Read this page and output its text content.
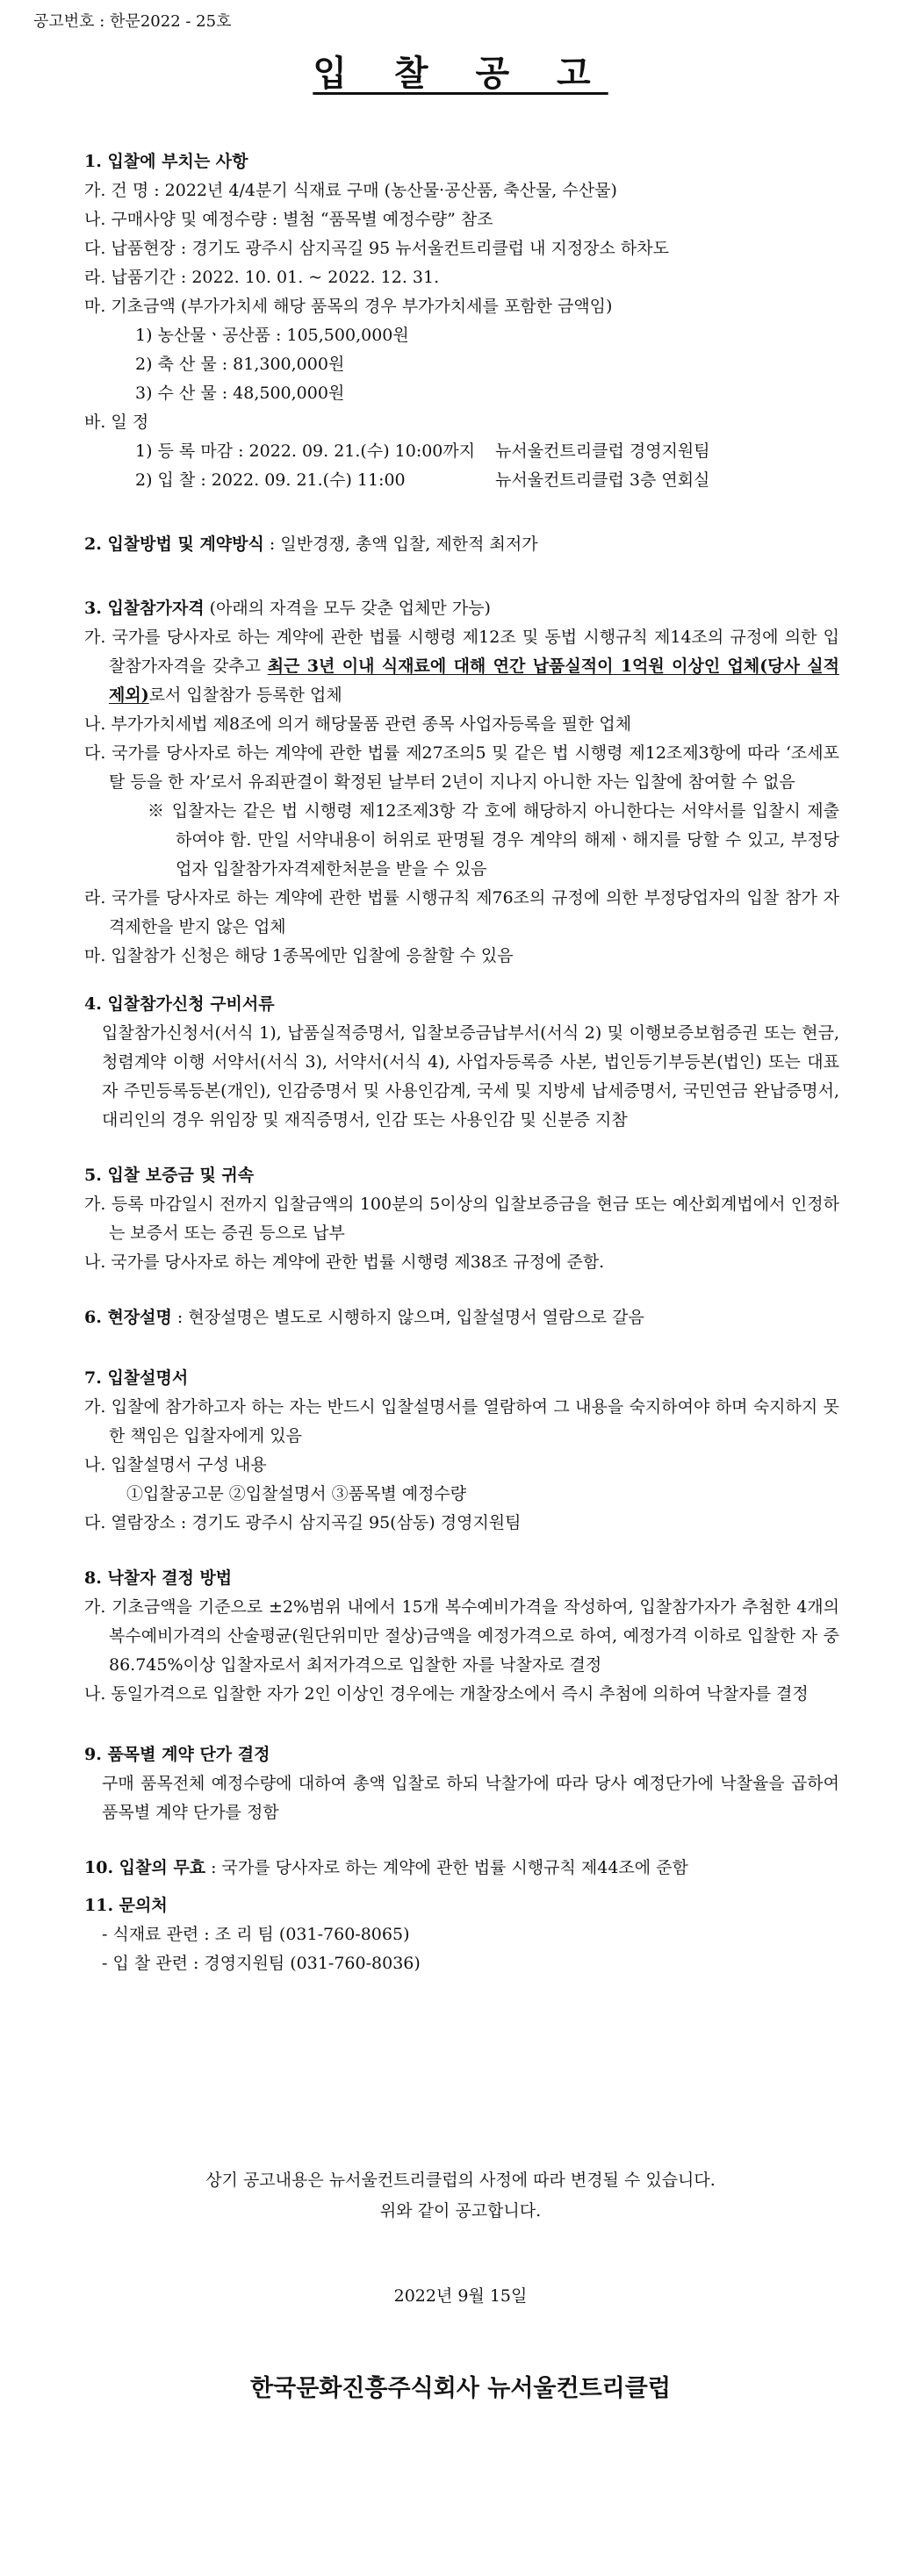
공고번호 : 한문2022 - 25호
입 찰 공 고
1. 입찰에 부치는 사항
가. 건 명 : 2022년 4/4분기 식재료 구매 (농산물·공산품, 축산물, 수산물)
나. 구매사양 및 예정수량 : 별첨 “품목별 예정수량” 참조
다. 납품현장 : 경기도 광주시 삼지곡길 95 뉴서울컨트리클럽 내 지정장소 하차도
라. 납품기간 : 2022. 10. 01. ~ 2022. 12. 31.
마. 기초금액 (부가가치세 해당 품목의 경우 부가가치세를 포함한 금액임)
1) 농산물ㆍ공산품 : 105,500,000원
2) 축 산 물 : 81,300,000원
3) 수 산 물 : 48,500,000원
바. 일 정
1) 등 록 마감 : 2022. 09. 21.(수) 10:00까지	뉴서울컨트리클럽 경영지원팀
2) 입 찰 : 2022. 09. 21.(수) 11:00	뉴서울컨트리클럽 3층 연회실
2. 입찰방법 및 계약방식 : 일반경쟁, 총액 입찰, 제한적 최저가
3. 입찰참가자격 (아래의 자격을 모두 갖춘 업체만 가능)
가. 국가를 당사자로 하는 계약에 관한 법률 시행령 제12조 및 동법 시행규칙 제14조의 규정에 의한 입찰참가자격을 갖추고 최근 3년 이내 식재료에 대해 연간 납품실적이 1억원 이상인 업체(당사 실적 제외)로서 입찰참가 등록한 업체
나. 부가가치세법 제8조에 의거 해당물품 관련 종목 사업자등록을 필한 업체
다. 국가를 당사자로 하는 계약에 관한 법률 제27조의5 및 같은 법 시행령 제12조제3항에 따라 ‘조세포탈 등을 한 자’로서 유죄판결이 확정된 날부터 2년이 지나지 아니한 자는 입찰에 참여할 수 없음
※ 입찰자는 같은 법 시행령 제12조제3항 각 호에 해당하지 아니한다는 서약서를 입찰시 제출하여야 함. 만일 서약내용이 허위로 판명될 경우 계약의 해제ㆍ해지를 당할 수 있고, 부정당업자 입찰참가자격제한처분을 받을 수 있음
라. 국가를 당사자로 하는 계약에 관한 법률 시행규칙 제76조의 규정에 의한 부정당업자의 입찰 참가 자격제한을 받지 않은 업체
마. 입찰참가 신청은 해당 1종목에만 입찰에 응찰할 수 있음
4. 입찰참가신청 구비서류
입찰참가신청서(서식 1), 납품실적증명서, 입찰보증금납부서(서식 2) 및 이행보증보험증권 또는 현금, 청렴계약 이행 서약서(서식 3), 서약서(서식 4), 사업자등록증 사본, 법인등기부등본(법인) 또는 대표자 주민등록등본(개인), 인감증명서 및 사용인감계, 국세 및 지방세 납세증명서, 국민연금 완납증명서, 대리인의 경우 위임장 및 재직증명서, 인감 또는 사용인감 및 신분증 지참
5. 입찰 보증금 및 귀속
가. 등록 마감일시 전까지 입찰금액의 100분의 5이상의 입찰보증금을 현금 또는 예산회계법에서 인정하는 보증서 또는 증권 등으로 납부
나. 국가를 당사자로 하는 계약에 관한 법률 시행령 제38조 규정에 준함.
6. 현장설명 : 현장설명은 별도로 시행하지 않으며, 입찰설명서 열람으로 갈음
7. 입찰설명서
가. 입찰에 참가하고자 하는 자는 반드시 입찰설명서를 열람하여 그 내용을 숙지하여야 하며 숙지하지 못한 책임은 입찰자에게 있음
나. 입찰설명서 구성 내용
①입찰공고문 ②입찰설명서 ③품목별 예정수량
다. 열람장소 : 경기도 광주시 삼지곡길 95(삼동) 경영지원팀
8. 낙찰자 결정 방법
가. 기초금액을 기준으로 ±2%범위 내에서 15개 복수예비가격을 작성하여, 입찰참가자가 추첨한 4개의 복수예비가격의 산술평균(원단위미만 절상)금액을 예정가격으로 하여, 예정가격 이하로 입찰한 자 중 86.745%이상 입찰자로서 최저가격으로 입찰한 자를 낙찰자로 결정
나. 동일가격으로 입찰한 자가 2인 이상인 경우에는 개찰장소에서 즉시 추첨에 의하여 낙찰자를 결정
9. 품목별 계약 단가 결정
구매 품목전체 예정수량에 대하여 총액 입찰로 하되 낙찰가에 따라 당사 예정단가에 낙찰율을 곱하여 품목별 계약 단가를 정함
10. 입찰의 무효 : 국가를 당사자로 하는 계약에 관한 법률 시행규칙 제44조에 준함
11. 문의처
- 식재료 관련 : 조 리 팀 (031-760-8065)
- 입 찰 관련 : 경영지원팀 (031-760-8036)
상기 공고내용은 뉴서울컨트리클럽의 사정에 따라 변경될 수 있습니다.
위와 같이 공고합니다.
2022년 9월 15일
한국문화진흥주식회사 뉴서울컨트리클럽
